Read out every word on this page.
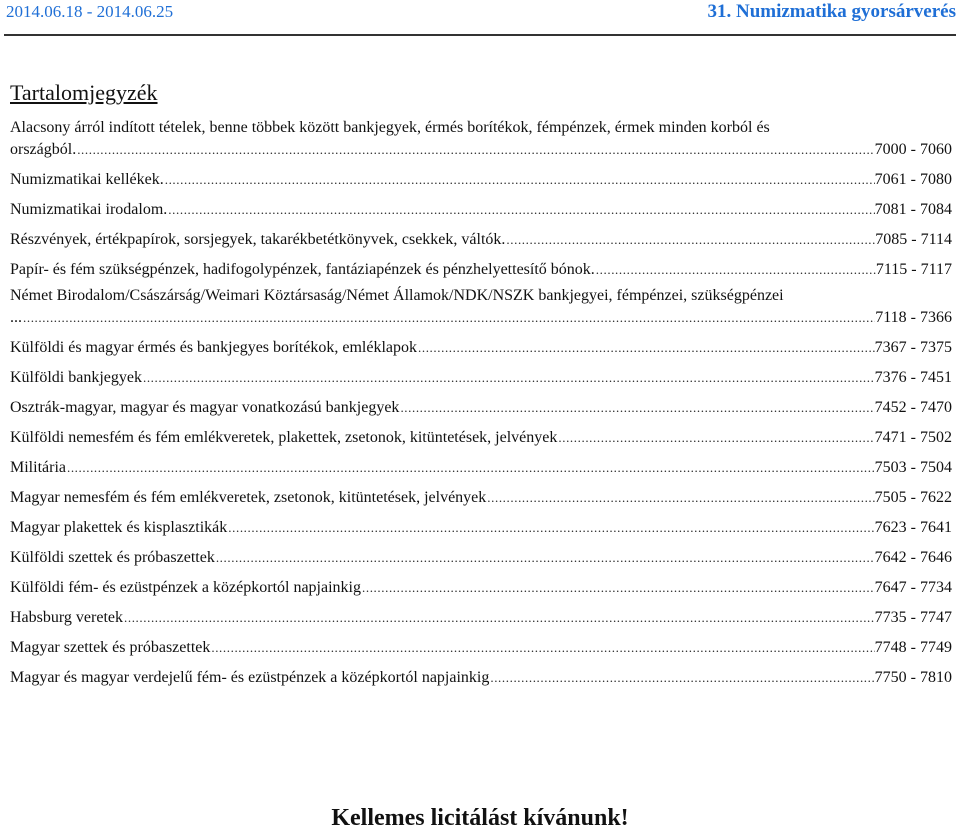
2014.06.18 - 2014.06.25	31. Numizmatika gyorsárverés
Tartalomjegyzék
Alacsony árról indított tételek, benne többek között bankjegyek, érmés borítékok, fémpénzek, érmek minden korból és
országból. .....	7000 - 7060
Numizmatikai kellékek. .....	7061 - 7080
Numizmatikai irodalom. .....	7081 - 7084
Részvények, értékpapírok, sorsjegyek, takarékbetétkönyvek, csekkek, váltók. .....	7085 - 7114
Papír- és fém szükségpénzek, hadifogolypénzek, fantáziapénzek és pénzhelyettesítő bónok. .....	7115 - 7117
Német Birodalom/Császárság/Weimari Köztársaság/Német Államok/NDK/NSZK bankjegyei, fémpénzei, szükségpénzei
... .....	7118 - 7366
Külföldi és magyar érmés és bankjegyes borítékok, emléklapok .....	7367 - 7375
Külföldi bankjegyek .....	7376 - 7451
Osztrák-magyar, magyar és magyar vonatkozású bankjegyek .....	7452 - 7470
Külföldi nemesfém és fém emlékveretek, plakettek, zsetonok, kitüntetések, jelvények .....	7471 - 7502
Militária .....	7503 - 7504
Magyar nemesfém és fém emlékveretek, zsetonok, kitüntetések, jelvények .....	7505 - 7622
Magyar plakettek és kisplasztikák .....	7623 - 7641
Külföldi szettek és próbaszettek .....	7642 - 7646
Külföldi fém- és ezüstpénzek a középkortól napjainkig .....	7647 - 7734
Habsburg veretek .....	7735 - 7747
Magyar szettek és próbaszettek .....	7748 - 7749
Magyar és magyar verdejelű fém- és ezüstpénzek a középkortól napjainkig .....	7750 - 7810

Kellemes licitálást kívánunk!
